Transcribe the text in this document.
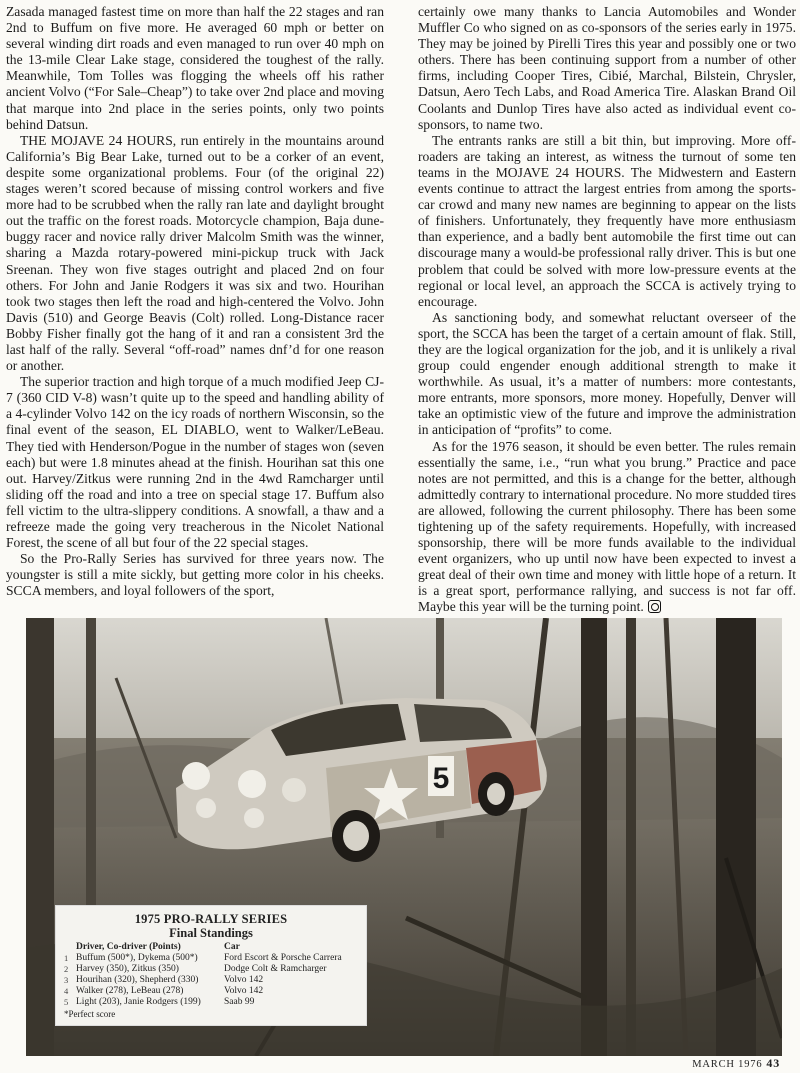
Zasada managed fastest time on more than half the 22 stages and ran 2nd to Buffum on five more. He averaged 60 mph or better on several winding dirt roads and even managed to run over 40 mph on the 13-mile Clear Lake stage, considered the toughest of the rally. Meanwhile, Tom Tolles was flogging the wheels off his rather ancient Volvo (“For Sale–Cheap”) to take over 2nd place and moving that marque into 2nd place in the series points, only two points behind Datsun.

THE MOJAVE 24 HOURS, run entirely in the mountains around California’s Big Bear Lake, turned out to be a corker of an event, despite some organizational problems. Four (of the original 22) stages weren’t scored because of missing control workers and five more had to be scrubbed when the rally ran late and daylight brought out the traffic on the forest roads. Motorcycle champion, Baja dune-buggy racer and novice rally driver Malcolm Smith was the winner, sharing a Mazda rotary-powered mini-pickup truck with Jack Sreenan. They won five stages outright and placed 2nd on four others. For John and Janie Rodgers it was six and two. Hourihan took two stages then left the road and high-centered the Volvo. John Davis (510) and George Beavis (Colt) rolled. Long-Distance racer Bobby Fisher finally got the hang of it and ran a consistent 3rd the last half of the rally. Several “off-road” names dnf’d for one reason or another.

The superior traction and high torque of a much modified Jeep CJ-7 (360 CID V-8) wasn’t quite up to the speed and handling ability of a 4-cylinder Volvo 142 on the icy roads of northern Wisconsin, so the final event of the season, EL DIABLO, went to Walker/LeBeau. They tied with Henderson/Pogue in the number of stages won (seven each) but were 1.8 minutes ahead at the finish. Hourihan sat this one out. Harvey/Zitkus were running 2nd in the 4wd Ramcharger until sliding off the road and into a tree on special stage 17. Buffum also fell victim to the ultra-slippery conditions. A snowfall, a thaw and a refreeze made the going very treacherous in the Nicolet National Forest, the scene of all but four of the 22 special stages.

So the Pro-Rally Series has survived for three years now. The youngster is still a mite sickly, but getting more color in his cheeks. SCCA members, and loyal followers of the sport,

certainly owe many thanks to Lancia Automobiles and Wonder Muffler Co who signed on as co-sponsors of the series early in 1975. They may be joined by Pirelli Tires this year and possibly one or two others. There has been continuing support from a number of other firms, including Cooper Tires, Cibié, Marchal, Bilstein, Chrysler, Datsun, Aero Tech Labs, and Road America Tire. Alaskan Brand Oil Coolants and Dunlop Tires have also acted as individual event co-sponsors, to name two.

The entrants ranks are still a bit thin, but improving. More off-roaders are taking an interest, as witness the turnout of some ten teams in the MOJAVE 24 HOURS. The Midwestern and Eastern events continue to attract the largest entries from among the sports-car crowd and many new names are beginning to appear on the lists of finishers. Unfortunately, they frequently have more enthusiasm than experience, and a badly bent automobile the first time out can discourage many a would-be professional rally driver. This is but one problem that could be solved with more low-pressure events at the regional or local level, an approach the SCCA is actively trying to encourage.

As sanctioning body, and somewhat reluctant overseer of the sport, the SCCA has been the target of a certain amount of flak. Still, they are the logical organization for the job, and it is unlikely a rival group could engender enough additional strength to make it worthwhile. As usual, it’s a matter of numbers: more contestants, more entrants, more sponsors, more money. Hopefully, Denver will take an optimistic view of the future and improve the administration in anticipation of “profits” to come.

As for the 1976 season, it should be even better. The rules remain essentially the same, i.e., “run what you brung.” Practice and pace notes are not permitted, and this is a change for the better, although admittedly contrary to international procedure. No more studded tires are allowed, following the current philosophy. There has been some tightening up of the safety requirements. Hopefully, with increased sponsorship, there will be more funds available to the individual event organizers, who up until now have been expected to invest a great deal of their own time and money with little hope of a return. It is a great sport, performance rallying, and success is not far off. Maybe this year will be the turning point.

5
1975 PRO-RALLY SERIES
Final Standings
	Driver, Co-driver (Points)	Car
1	Buffum (500*), Dykema (500*)	Ford Escort & Porsche Carrera
2	Harvey (350), Zitkus (350)	Dodge Colt & Ramcharger
3	Hourihan (320), Shepherd (330)	Volvo 142
4	Walker (278), LeBeau (278)	Volvo 142
5	Light (203), Janie Rodgers (199)	Saab 99
*Perfect score
MARCH 1976 43
